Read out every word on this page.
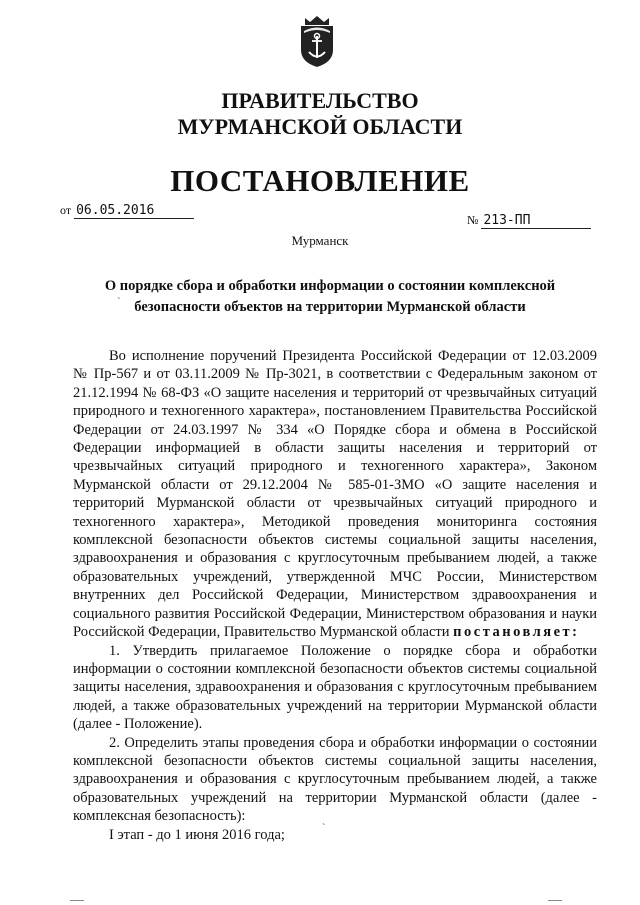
ПРАВИТЕЛЬСТВО
МУРМАНСКОЙ ОБЛАСТИ
ПОСТАНОВЛЕНИЕ
от 06.05.2016
№ 213-ПП
Мурманск
О порядке сбора и обработки информации о состоянии комплексной
безопасности объектов на территории Мурманской области
`

Во исполнение поручений Президента Российской Федерации от 12.03.2009 № Пр-567 и от 03.11.2009 № Пр-3021, в соответствии с Федеральным законом от 21.12.1994 № 68-ФЗ «О защите населения и территорий от чрезвычайных ситуаций природного и техногенного характера», постановлением Правительства Российской Федерации от 24.03.1997 № 334 «О Порядке сбора и обмена в Российской Федерации информацией в области защиты населения и территорий от чрезвычайных ситуаций природного и техногенного характера», Законом Мурманской области от 29.12.2004 № 585-01-ЗМО «О защите населения и территорий Мурманской области от чрезвычайных ситуаций природного и техногенного характера», Методикой проведения мониторинга состояния комплексной безопасности объектов системы социальной защиты населения, здравоохранения и образования с круглосуточным пребыванием людей, а также образовательных учреждений, утвержденной МЧС России, Министерством внутренних дел Российской Федерации, Министерством здравоохранения и социального развития Российской Федерации, Министерством образования и науки Российской Федерации, Правительство Мурманской области постановляет:

1. Утвердить прилагаемое Положение о порядке сбора и обработки информации о состоянии комплексной безопасности объектов системы социальной защиты населения, здравоохранения и образования с круглосуточным пребыванием людей, а также образовательных учреждений на территории Мурманской области (далее - Положение).

2. Определить этапы проведения сбора и обработки информации о состоянии комплексной безопасности объектов системы социальной защиты населения, здравоохранения и образования с круглосуточным пребыванием людей, а также образовательных учреждений на территории Мурманской области (далее - комплексная безопасность):

I этап - до 1 июня 2016 года;	`
